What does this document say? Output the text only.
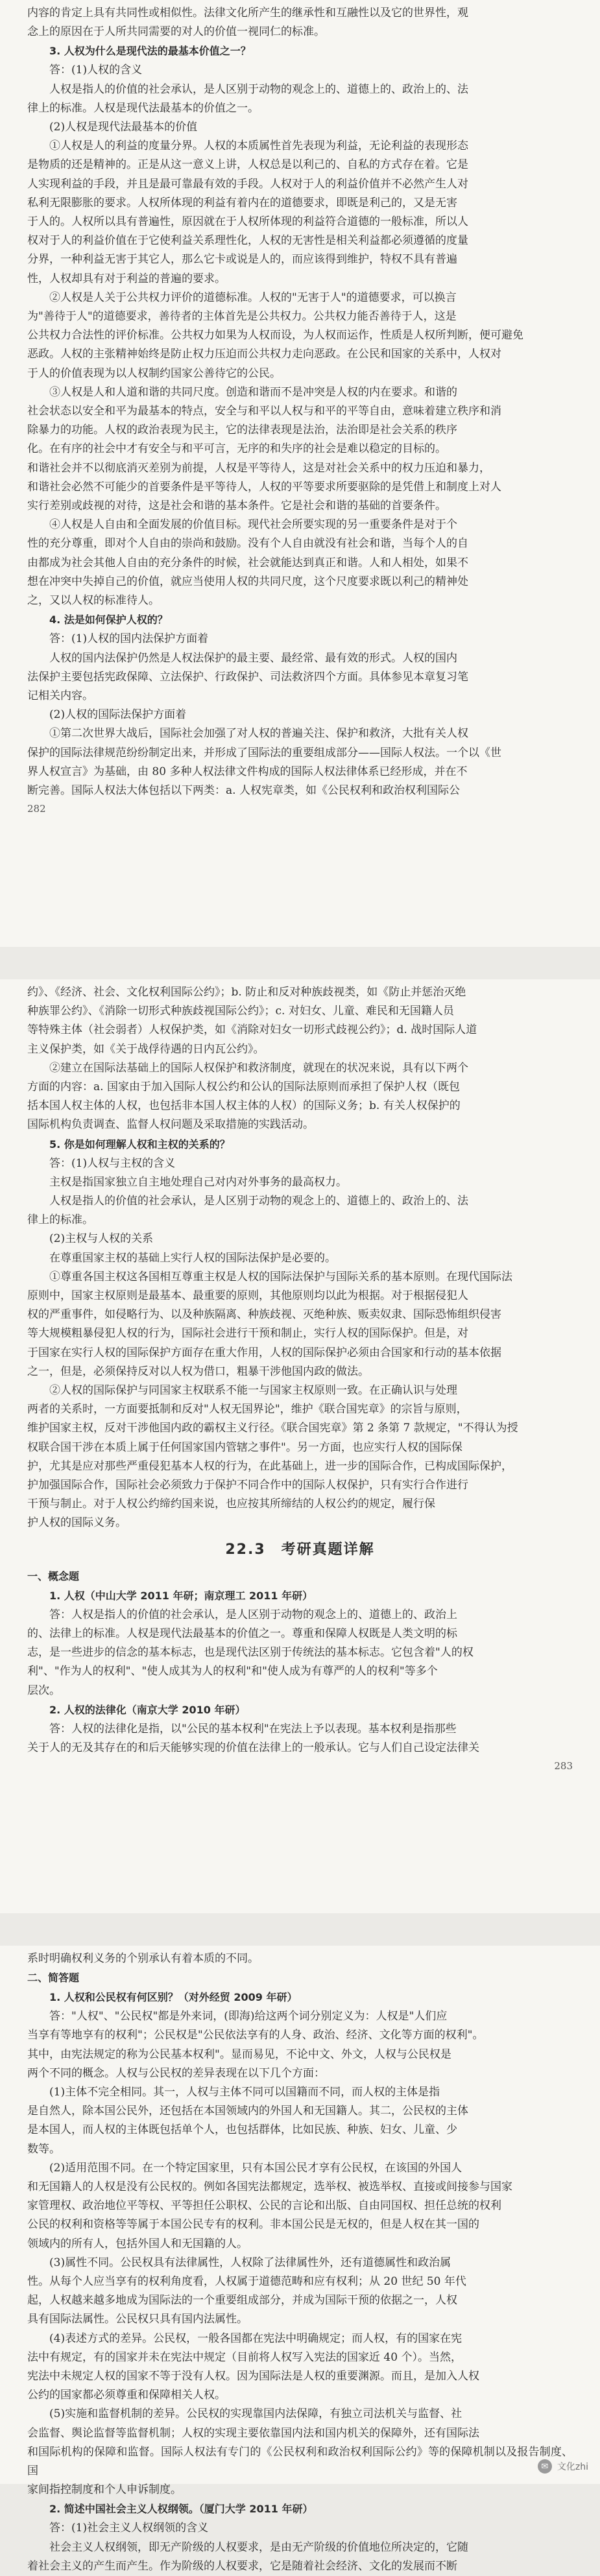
内容的肯定上具有共同性或相似性。法律文化所产生的继承性和互融性以及它的世界性，观
念上的原因在于人所共同需要的对人的价值一视同仁的标准。
3. 人权为什么是现代法的最基本价值之一？
答：(1)人权的含义
人权是指人的价值的社会承认，是人区别于动物的观念上的、道德上的、政治上的、法
律上的标准。人权是现代法最基本的价值之一。
(2)人权是现代法最基本的价值
①人权是人的利益的度量分界。人权的本质属性首先表现为利益，无论利益的表现形态
是物质的还是精神的。正是从这一意义上讲，人权总是以利己的、自私的方式存在着。它是
人实现利益的手段，并且是最可靠最有效的手段。人权对于人的利益价值并不必然产生人对
私利无限膨胀的要求。人权所体现的利益有着内在的道德要求，即既是利己的，又是无害
于人的。人权所以具有普遍性，原因就在于人权所体现的利益符合道德的一般标准，所以人
权对于人的利益价值在于它使利益关系理性化，人权的无害性是相关利益都必须遵循的度量
分界，一种利益无害于其它人，那么它卡或说是人的，而应该得到维护，特权不具有普遍
性，人权却具有对于利益的普遍的要求。
②人权是人关于公共权力评价的道德标准。人权的"无害于人"的道德要求，可以换言
为"善待于人"的道德要求，善待者的主体首先是公共权力。公共权力能否善待于人，这是
公共权力合法性的评价标准。公共权力如果为人权而设，为人权而运作，性质是人权所判断，便可避免
恶政。人权的主张精神始终是防止权力压迫而公共权力走向恶政。在公民和国家的关系中，人权对
于人的价值表现为以人权制约国家公善待它的公民。
③人权是人和人道和谐的共同尺度。创造和谐而不是冲突是人权的内在要求。和谐的
社会状态以安全和平为最基本的特点，安全与和平以人权与和平的平等自由，意味着建立秩序和消
除暴力的功能。人权的政治表现为民主，它的法律表现是法治，法治即是社会关系的秩序
化。在有序的社会中才有安全与和平可言，无序的和失序的社会是难以稳定的目标的。
和谐社会并不以彻底消灭差别为前提，人权是平等待人，这是对社会关系中的权力压迫和暴力，
和谐社会必然不可能少的首要条件是平等待人，人权的平等要求所要驱除的是凭借上和制度上对人
实行差别或歧视的对待，这是社会和谐的基本条件。它是社会和谐的基础的首要条件。
④人权是人自由和全面发展的价值目标。现代社会所要实现的另一重要条件是对于个
性的充分尊重，即对个人自由的崇尚和鼓励。没有个人自由就没有社会和谐，当每个人的自
由都成为社会其他人自由的充分条件的时候，社会就能达到真正和谐。人和人相处，如果不
想在冲突中失掉自己的价值，就应当使用人权的共同尺度，这个尺度要求既以利己的精神处
之，又以人权的标准待人。
4. 法是如何保护人权的？
答：(1)人权的国内法保护方面着
人权的国内法保护仍然是人权法保护的最主要、最经常、最有效的形式。人权的国内
法保护主要包括宪政保障、立法保护、行政保护、司法救济四个方面。具体参见本章复习笔
记相关内容。
(2)人权的国际法保护方面着
①第二次世界大战后，国际社会加强了对人权的普遍关注、保护和救济，大批有关人权
保护的国际法律规范纷纷制定出来，并形成了国际法的重要组成部分——国际人权法。一个以《世
界人权宣言》为基础，由 80 多种人权法律文件构成的国际人权法律体系已经形成，并在不
断完善。国际人权法大体包括以下两类：a. 人权宪章类，如《公民权利和政治权利国际公
282
约》、《经济、社会、文化权利国际公约》；b. 防止和反对种族歧视类，如《防止并惩治灭绝
种族罪公约》、《消除一切形式种族歧视国际公约》；c. 对妇女、儿童、难民和无国籍人员
等特殊主体（社会弱者）人权保护类，如《消除对妇女一切形式歧视公约》；d. 战时国际人道
主义保护类，如《关于战俘待遇的日内瓦公约》。
②建立在国际法基础上的国际人权保护和救济制度，就现在的状况来说，具有以下两个
方面的内容：a. 国家由于加入国际人权公约和公认的国际法原则而承担了保护人权（既包
括本国人权主体的人权，也包括非本国人权主体的人权）的国际义务；b. 有关人权保护的
国际机构负责调查、监督人权问题及采取措施的实践活动。
5. 你是如何理解人权和主权的关系的？
答：(1)人权与主权的含义
主权是指国家独立自主地处理自己对内对外事务的最高权力。
人权是指人的价值的社会承认，是人区别于动物的观念上的、道德上的、政治上的、法
律上的标准。
(2)主权与人权的关系
在尊重国家主权的基础上实行人权的国际法保护是必要的。
①尊重各国主权这各国相互尊重主权是人权的国际法保护与国际关系的基本原则。在现代国际法
原则中，国家主权原则是最基本、最重要的原则，其他原则均以此为根据。对于根据侵犯人
权的严重事件，如侵略行为、以及种族隔离、种族歧视、灭绝种族、贩卖奴隶、国际恐怖组织侵害
等大规模粗暴侵犯人权的行为，国际社会进行干预和制止，实行人权的国际保护。但是，对
于国家在实行人权的国际保护方面存在重大作用，人权的国际保护必须由合国家和行动的基本依据
之一，但是，必须保持反对以人权为借口，粗暴干涉他国内政的做法。
②人权的国际保护与同国家主权联系不能一与国家主权原则一致。在正确认识与处理
两者的关系时，一方面要抵制和反对"人权无国界论"，维护《联合国宪章》的宗旨与原则，
维护国家主权，反对干涉他国内政的霸权主义行径。《联合国宪章》第 2 条第 7 款规定，"不得认为授
权联合国干涉在本质上属于任何国家国内管辖之事件"。另一方面，也应实行人权的国际保
护，尤其是应对那些严重侵犯基本人权的行为，在此基础上，进一步的国际合作，已构成国际保护，
护加强国际合作，国际社会必须致力于保护不同合作中的国际人权保护，只有实行合作进行
干预与制止。对于人权公约缔约国来说，也应按其所缔结的人权公约的规定，履行保
护人权的国际义务。
22.3　考研真题详解
一、概念题
1. 人权（中山大学 2011 年研；南京理工 2011 年研）
答：人权是指人的价值的社会承认，是人区别于动物的观念上的、道德上的、政治上
的、法律上的标准。人权是现代法最基本的价值之一。尊重和保障人权既是人类文明的标
志，是一些进步的信念的基本标志，也是现代法区别于传统法的基本标志。它包含着"人的权
利"、"作为人的权利"、"使人成其为人的权利"和"使人成为有尊严的人的权利"等多个
层次。
2. 人权的法律化（南京大学 2010 年研）
答：人权的法律化是指，以"公民的基本权利"在宪法上予以表现。基本权利是指那些
关于人的无及其存在的和后天能够实现的价值在法律上的一般承认。它与人们自己设定法律关
283
系时明确权利义务的个别承认有着本质的不同。
二、简答题
1. 人权和公民权有何区别？（对外经贸 2009 年研）
答："人权"、"公民权"都是外来词，(即海)给这两个词分别定义为：人权是"人们应
当享有等地享有的权利"；公民权是"公民依法享有的人身、政治、经济、文化等方面的权利"。
其中，由宪法规定的称为公民基本权利"。显而易见，不论中文、外文，人权与公民权是
两个不同的概念。人权与公民权的差异表现在以下几个方面：
(1)主体不完全相同。其一，人权与主体不同可以国籍而不同，而人权的主体是指
是自然人，除本国公民外，还包括在本国领域内的外国人和无国籍人。其二，公民权的主体
是本国人，而人权的主体既包括单个人，也包括群体，比如民族、种族、妇女、儿童、少
数等。
(2)适用范围不同。在一个特定国家里，只有本国公民才享有公民权，在该国的外国人
和无国籍人的人权是没有公民权的。例如各国宪法都规定，选举权、被选举权、直接或间接参与国家
家管理权、政治地位平等权、平等担任公职权、公民的言论和出版、自由同国权、担任总统的权利
公民的权利和资格等等属于本国公民专有的权利。非本国公民是无权的，但是人权在其一国的
领域内的所有人，包括外国人和无国籍的人。
(3)属性不同。公民权具有法律属性，人权除了法律属性外，还有道德属性和政治属
性。从每个人应当享有的权利角度看，人权属于道德范畴和应有权利；从 20 世纪 50 年代
起，人权越来越多地成为国际法的一个重要组成部分，并成为国际干预的依据之一，人权
具有国际法属性。公民权只具有国内法属性。
(4)表述方式的差异。公民权，一般各国都在宪法中明确规定；而人权，有的国家在宪
法中有规定，有的国家并未在宪法中规定（目前将人权写入宪法的国家近 40 个）。当然，
宪法中未规定人权的国家不等于没有人权。因为国际法是人权的重要渊源。而且，是加入人权
公约的国家都必须尊重和保障相关人权。
(5)实施和监督机制的差异。公民权的实现靠国内法保障，有独立司法机关与监督、社
会监督、舆论监督等监督机制；人权的实现主要依靠国内法和国内机关的保障外，还有国际法
和国际机构的保障和监督。国际人权法有专门的《公民权利和政治权利国际公约》等的保障机制以及报告制度、国
家间指控制度和个人申诉制度。
2. 简述中国社会主义人权纲领。（厦门大学 2011 年研）
答：(1)社会主义人权纲领的含义
社会主义人权纲领，即无产阶级的人权要求，是由无产阶级的价值地位所决定的，它随
着社会主义的产生而产生。作为阶级的人权要求，它是随着社会经济、文化的发展而不断
✉ 文化zhi
